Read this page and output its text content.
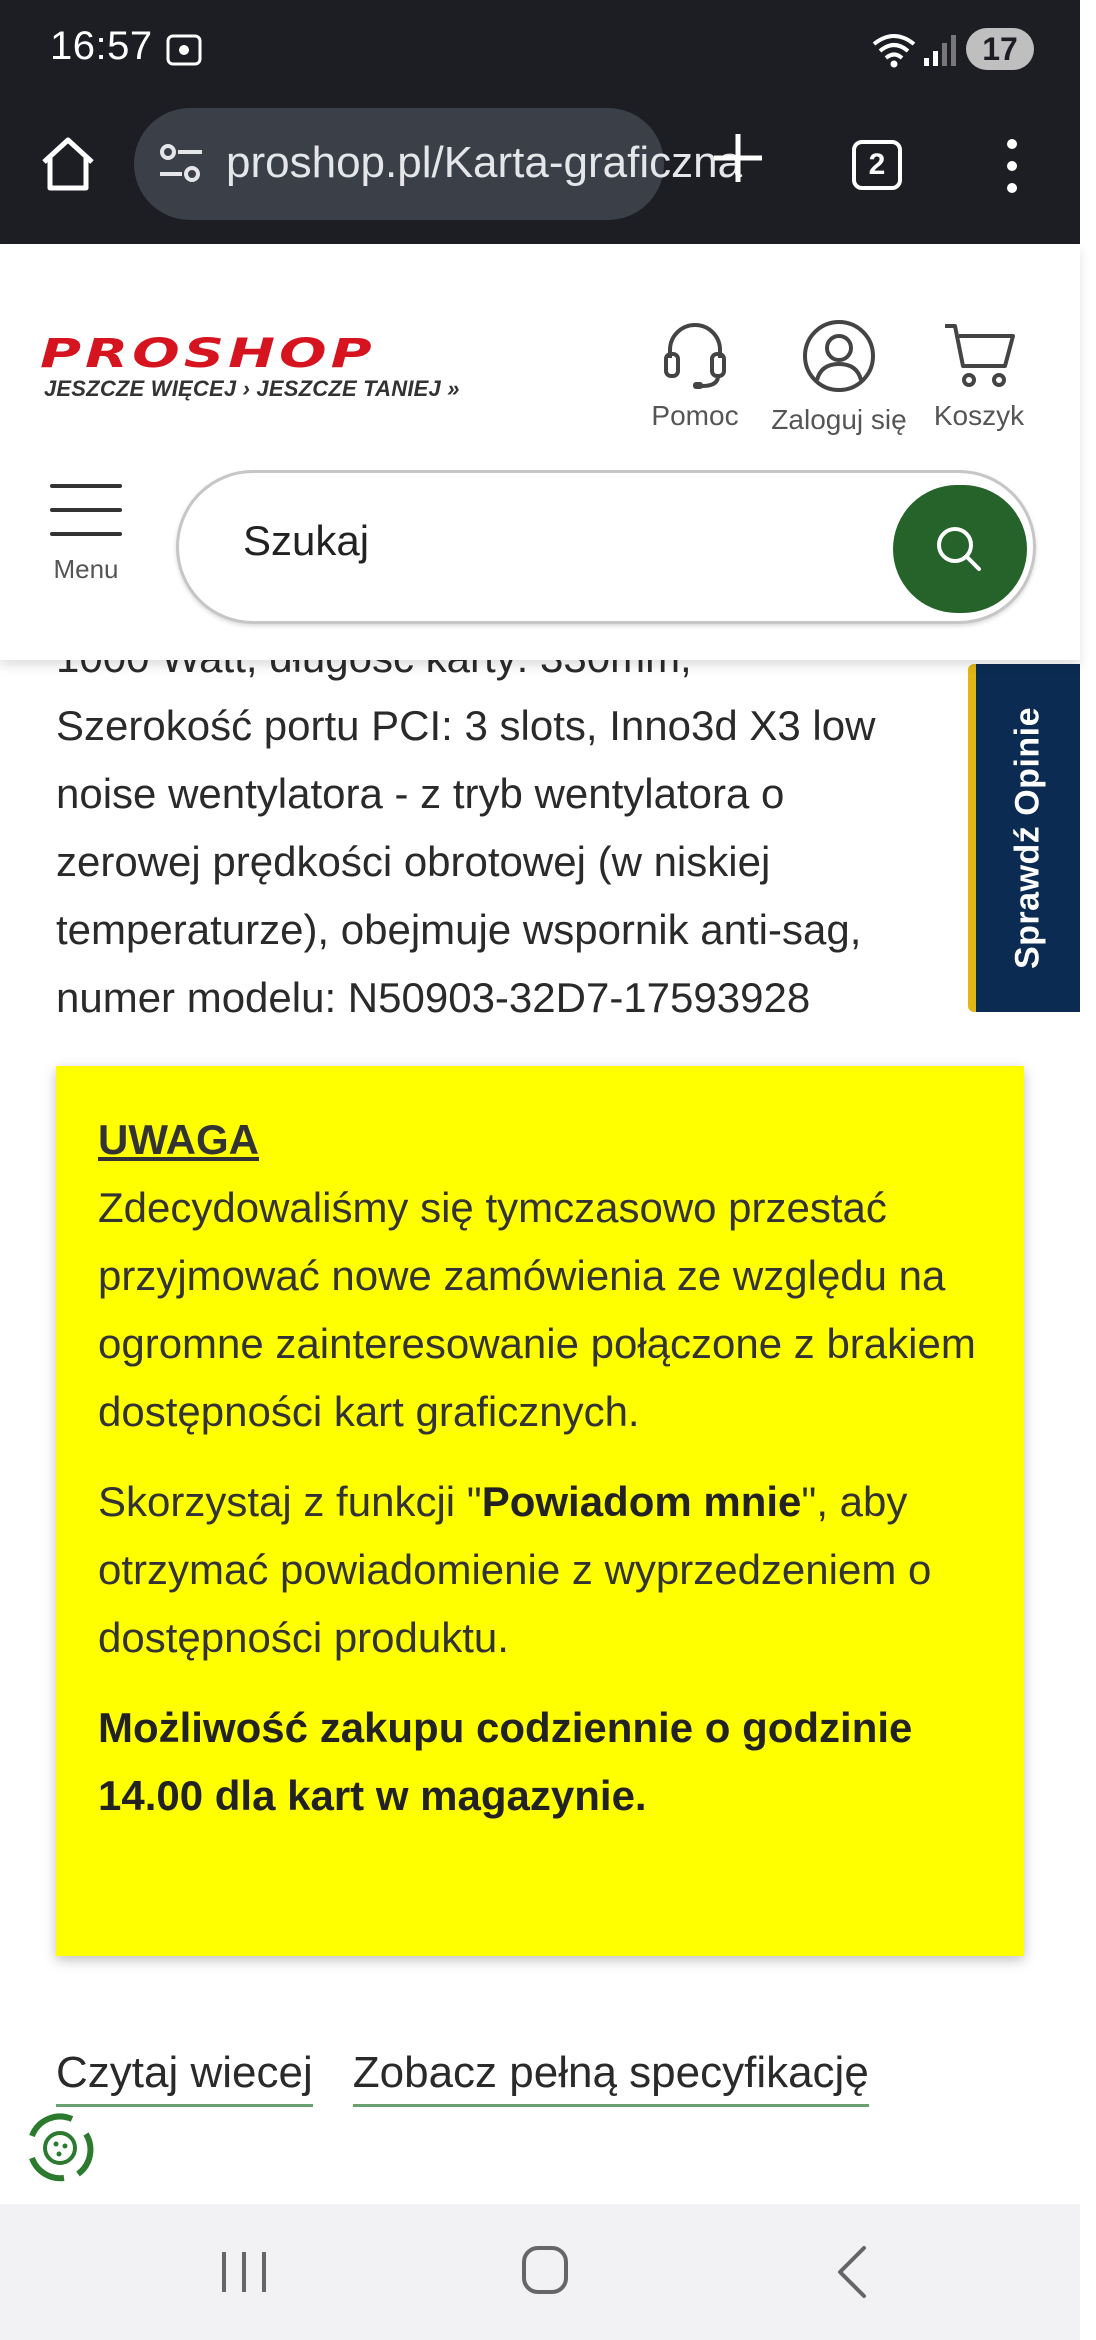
16:57	17
proshop.pl/Karta-graficzna	2
PROSHOP
JESZCZE WIĘCEJ › JESZCZE TANIEJ »
Pomoc	Zaloguj się Koszyk
Menu
Szukaj

Szerokość portu PCI: 3 slots, Inno3d X3 low
noise wentylatora - z tryb wentylatora o
zerowej prędkości obrotowej (w niskiej
temperaturze), obejmuje wspornik anti-sag,
numer modelu: N50903-32D7-17593928
UWAGA

Zdecydowaliśmy się tymczasowo przestać przyjmować nowe zamówienia ze względu na ogromne zainteresowanie połączone z brakiem dostępności kart graficznych.

Skorzystaj z funkcji "Powiadom mnie", aby otrzymać powiadomienie z wyprzedzeniem o dostępności produktu.

Możliwość zakupu codziennie o godzinie 14.00 dla kart w magazynie.

Czytaj wiecej Zobacz pełną specyfikację
Sprawdź Opinie
